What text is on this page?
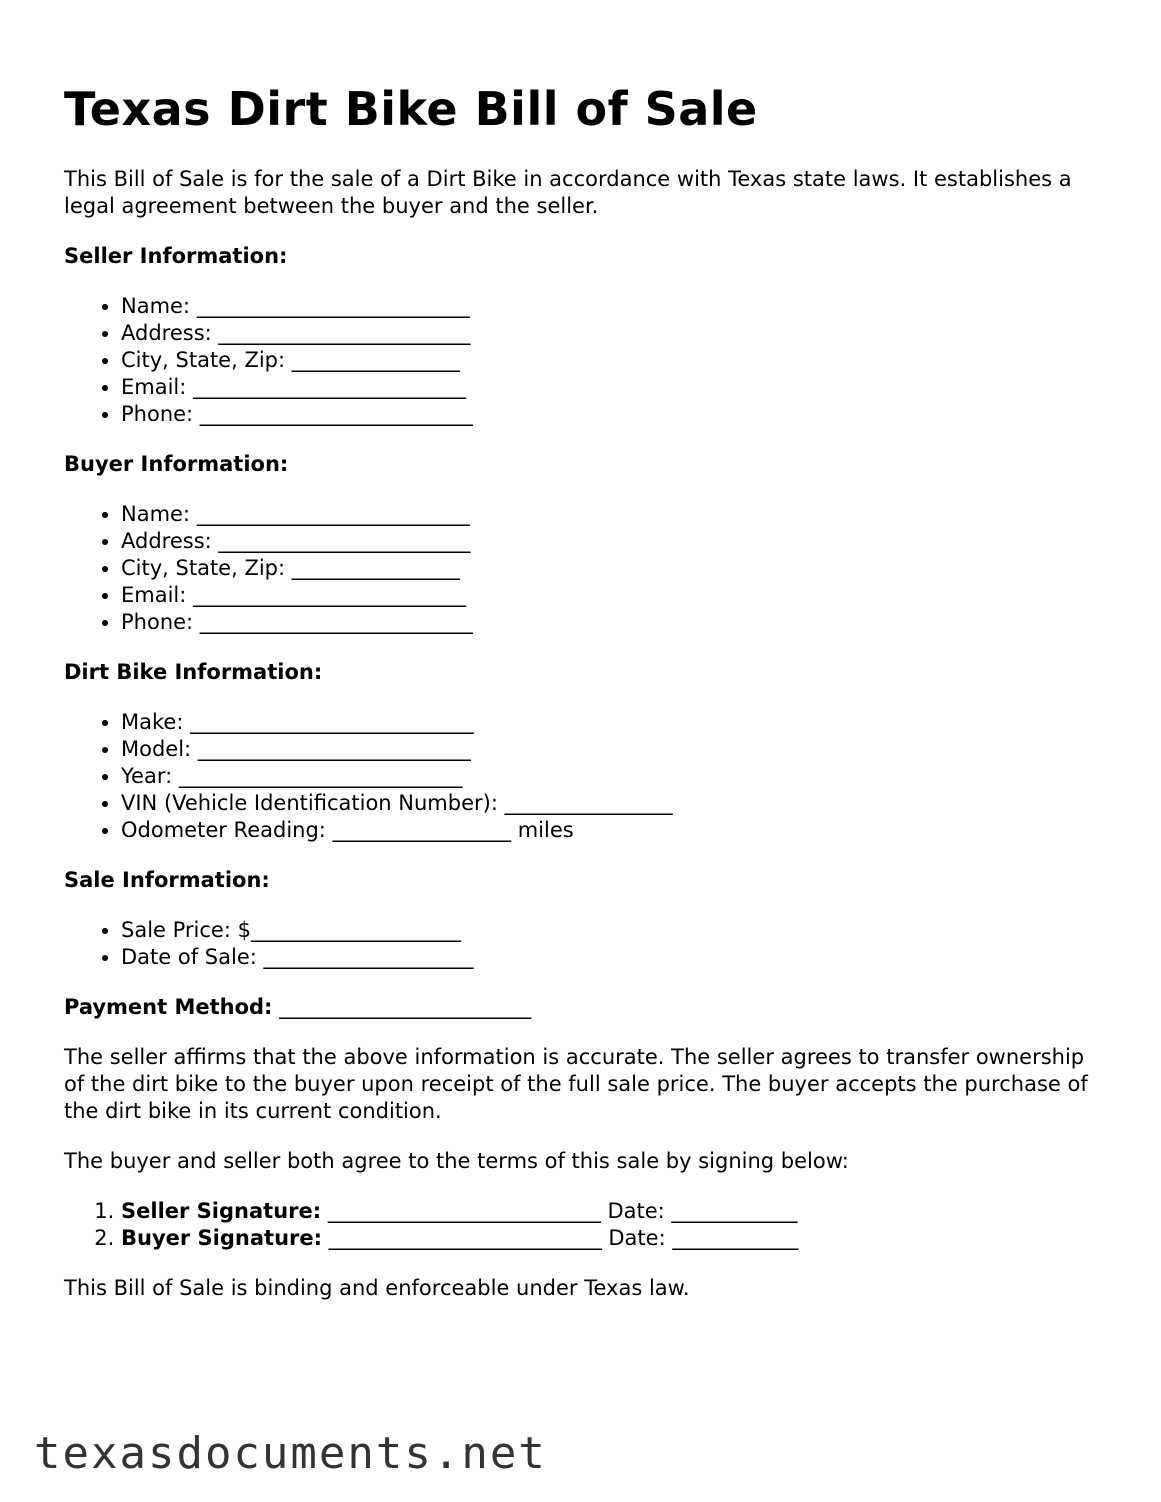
Texas Dirt Bike Bill of Sale

This Bill of Sale is for the sale of a Dirt Bike in accordance with Texas state laws. It establishes a legal agreement between the buyer and the seller.

Seller Information:
• Name: __________________________
• Address: ________________________
• City, State, Zip: ________________
• Email: __________________________
• Phone: __________________________
Buyer Information:
• Name: __________________________
• Address: ________________________
• City, State, Zip: ________________
• Email: __________________________
• Phone: __________________________
Dirt Bike Information:
• Make: ___________________________
• Model: __________________________
• Year: ___________________________
• VIN (Vehicle Identification Number): ________________
• Odometer Reading: _________________ miles
Sale Information:
• Sale Price: $____________________
• Date of Sale: ____________________

Payment Method: ________________________

The seller affirms that the above information is accurate. The seller agrees to transfer ownership of the dirt bike to the buyer upon receipt of the full sale price. The buyer accepts the purchase of the dirt bike in its current condition.

The buyer and seller both agree to the terms of this sale by signing below:

1. Seller Signature: __________________________ Date: ____________
2. Buyer Signature: __________________________ Date: ____________

This Bill of Sale is binding and enforceable under Texas law.

texasdocuments.net
